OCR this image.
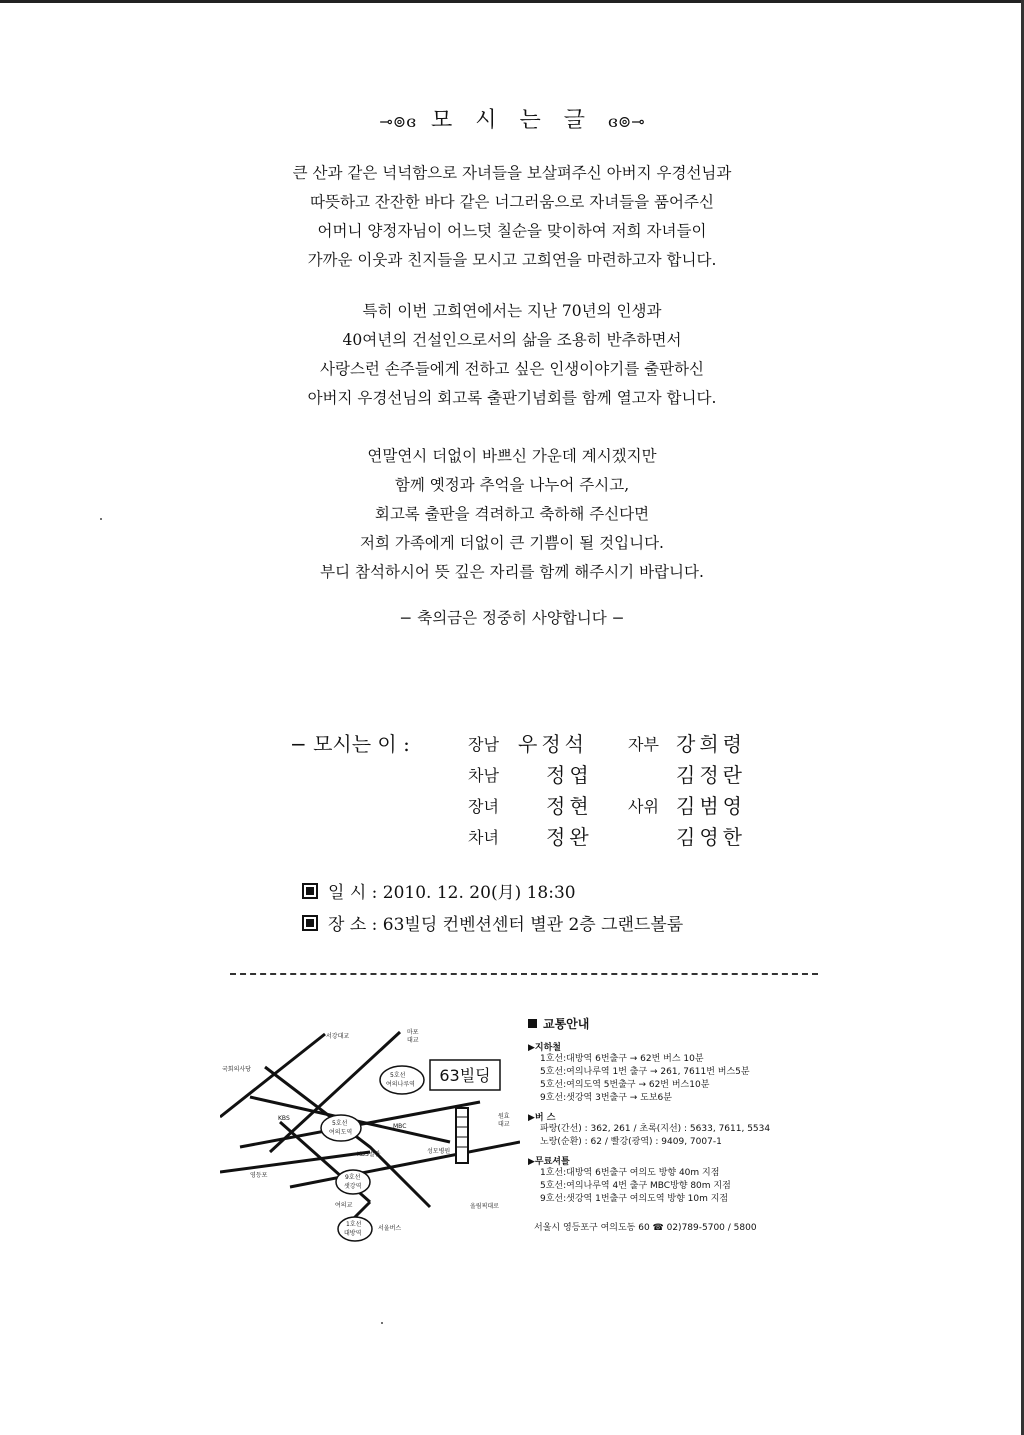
⊸⊚ɞ 모 시 는 글 ɞ⊚⊸
큰 산과 같은 넉넉함으로 자녀들을 보살펴주신 아버지 우경선님과
따뜻하고 잔잔한 바다 같은 너그러움으로 자녀들을 품어주신
어머니 양정자님이 어느덧 칠순을 맞이하여 저희 자녀들이
가까운 이웃과 친지들을 모시고 고희연을 마련하고자 합니다.
특히 이번 고희연에서는 지난 70년의 인생과
40여년의 건설인으로서의 삶을 조용히 반추하면서
사랑스런 손주들에게 전하고 싶은 인생이야기를 출판하신
아버지 우경선님의 회고록 출판기념회를 함께 열고자 합니다.
연말연시 더없이 바쁘신 가운데 계시겠지만
함께 옛정과 추억을 나누어 주시고,
회고록 출판을 격려하고 축하해 주신다면
저희 가족에게 더없이 큰 기쁨이 될 것입니다.
부디 참석하시어 뜻 깊은 자리를 함께 해주시기 바랍니다.
− 축의금은 정중히 사양합니다 −
− 모시는 이 :	장남 우정석	자부 강희령
차남 정엽	김정란
장녀 정현 사위 김범영
차녀 정완	김영한
일 시 : 2010. 12. 20(月) 18:30
장 소 : 63빌딩 컨벤션센터 별관 2층 그랜드볼룸
63빌딩
서강대교
마포
대교
국회의사당
KBS
5호선
여의나루역
5호선
여의도역
MBC
KBS별관	성모병원
원효
대교
영등포	9호선
샛강역
여의교
1호선
대방역
서울버스
올림픽대로
교통안내
▶지하철
1호선:대방역 6번출구 → 62번 버스 10분
5호선:여의나루역 1번 출구 → 261, 7611번 버스5분
5호선:여의도역 5번출구 → 62번 버스10분
9호선:샛강역 3번출구 → 도보6분
▶버 스
파랑(간선) : 362, 261 / 초록(지선) : 5633, 7611, 5534
노랑(순환) : 62 / 빨강(광역) : 9409, 7007-1
▶무료셔틀
1호선:대방역 6번출구 여의도 방향 40m 지점
5호선:여의나루역 4번 출구 MBC방향 80m 지점
9호선:샛강역 1번출구 여의도역 방향 10m 지점
서울시 영등포구 여의도동 60 ☎ 02)789-5700 / 5800
